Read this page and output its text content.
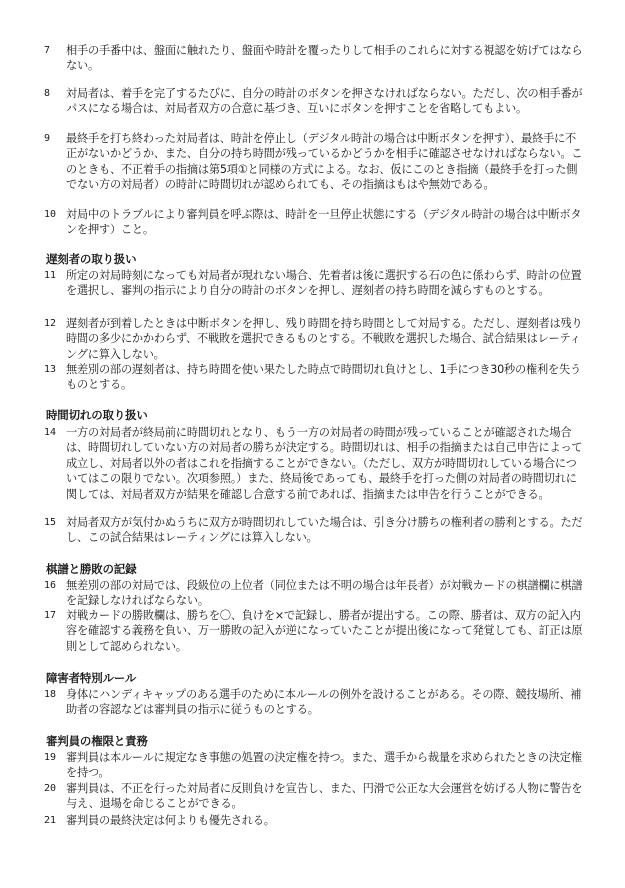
7	相手の手番中は、盤面に触れたり、盤面や時計を覆ったりして相手のこれらに対する視認を妨げてはならない。

8	対局者は、着手を完了するたびに、自分の時計のボタンを押さなければならない。ただし、次の相手番がパスになる場合は、対局者双方の合意に基づき、互いにボタンを押すことを省略してもよい。

9	最終手を打ち終わった対局者は、時計を停止し（デジタル時計の場合は中断ボタンを押す）、最終手に不正がないかどうか、また、自分の持ち時間が残っているかどうかを相手に確認させなければならない。このときも、不正着手の指摘は第5項①と同様の方式による。なお、仮にこのとき指摘（最終手を打った側でない方の対局者）の時計に時間切れが認められても、その指摘はもはや無効である。

10 対局中のトラブルにより審判員を呼ぶ際は、時計を一旦停止状態にする（デジタル時計の場合は中断ボタンを押す）こと。

遅刻者の取り扱い
11 所定の対局時刻になっても対局者が現れない場合、先着者は後に選択する石の色に係わらず、時計の位置を選択し、審判の指示により自分の時計のボタンを押し、遅刻者の持ち時間を減らすものとする。

12 遅刻者が到着したときは中断ボタンを押し、残り時間を持ち時間として対局する。ただし、遅刻者は残り時間の多少にかかわらず、不戦敗を選択できるものとする。不戦敗を選択した場合、試合結果はレーティングに算入しない。

13 無差別の部の遅刻者は、持ち時間を使い果たした時点で時間切れ負けとし、1手につき30秒の権利を失うものとする。

時間切れの取り扱い
14 一方の対局者が終局前に時間切れとなり、もう一方の対局者の時間が残っていることが確認された場合は、時間切れしていない方の対局者の勝ちが決定する。時間切れは、相手の指摘または自己申告によって成立し、対局者以外の者はこれを指摘することができない。（ただし、双方が時間切れしている場合についてはこの限りでない。次項参照。）また、終局後であっても、最終手を打った側の対局者の時間切れに関しては、対局者双方が結果を確認し合意する前であれば、指摘または申告を行うことができる。

15 対局者双方が気付かぬうちに双方が時間切れしていた場合は、引き分け勝ちの権利者の勝利とする。ただし、この試合結果はレーティングには算入しない。

棋譜と勝敗の記録
16 無差別の部の対局では、段級位の上位者（同位または不明の場合は年長者）が対戦カードの棋譜欄に棋譜を記録しなければならない。

17 対戦カードの勝敗欄は、勝ちを〇、負けを×で記録し、勝者が提出する。この際、勝者は、双方の記入内容を確認する義務を負い、万一勝敗の記入が逆になっていたことが提出後になって発覚しても、訂正は原則として認められない。

障害者特別ルール
18 身体にハンディキャップのある選手のために本ルールの例外を設けることがある。その際、競技場所、補助者の容認などは審判員の指示に従うものとする。

審判員の権限と責務
19 審判員は本ルールに規定なき事態の処置の決定権を持つ。また、選手から裁量を求められたときの決定権を持つ。

20 審判員は、不正を行った対局者に反則負けを宣告し、また、円滑で公正な大会運営を妨げる人物に警告を与え、退場を命じることができる。

21 審判員の最終決定は何よりも優先される。
